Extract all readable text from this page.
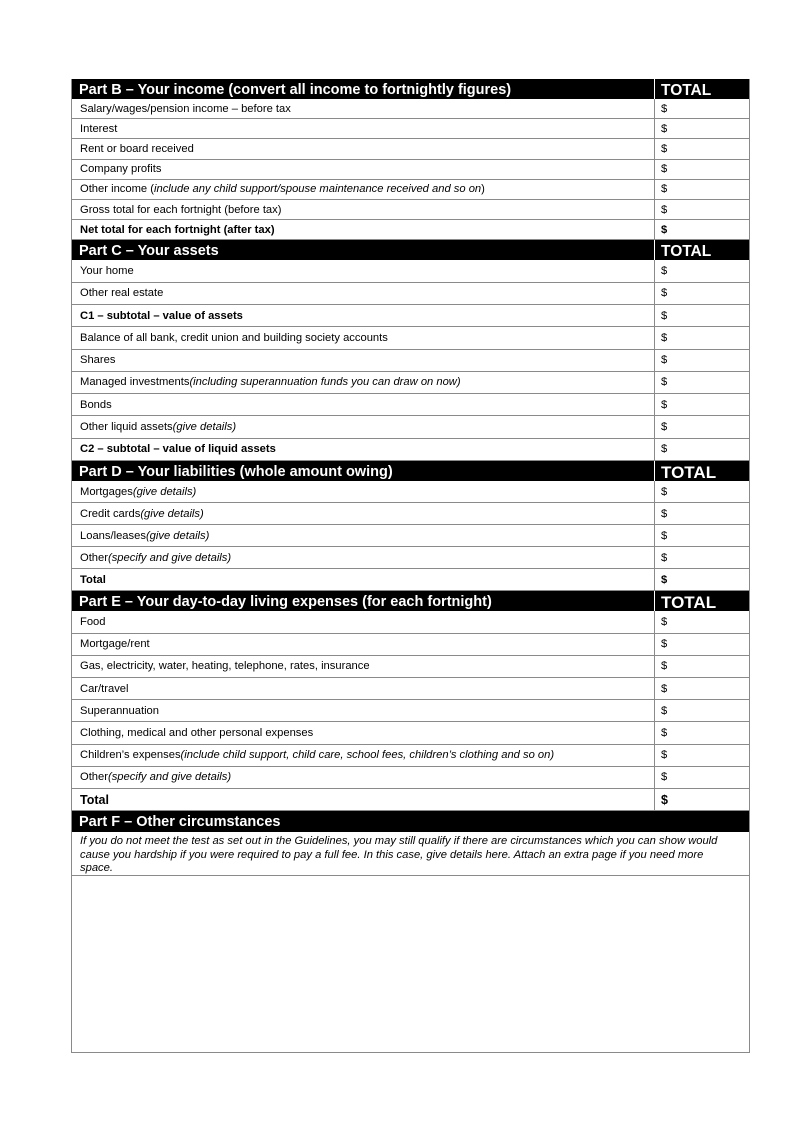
Part B – Your income (convert all income to fortnightly figures)	TOTAL
Salary/wages/pension income – before tax	$
Interest	$
Rent or board received	$
Company profits	$
Other income ( include any child support/spouse maintenance received and so on )	$
Gross total for each fortnight (before tax)	$
Net total for each fortnight (after tax)	$
Part C – Your assets	TOTAL
Your home	$
Other real estate	$
C1 – subtotal – value of assets	$
Balance of all bank, credit union and building society accounts	$
Shares	$
Managed investments (including superannuation funds you can draw on now)	$
Bonds	$
Other liquid assets (give details)	$
C2 – subtotal – value of liquid assets	$
Part D – Your liabilities (whole amount owing)	TOTAL
Mortgages (give details)	$
Credit cards (give details)	$
Loans/leases (give details)	$
Other (specify and give details)	$
Total	$
Part E – Your day-to-day living expenses (for each fortnight)	TOTAL
Food	$
Mortgage/rent	$
Gas, electricity, water, heating, telephone, rates, insurance	$
Car/travel	$
Superannuation	$
Clothing, medical and other personal expenses	$
Children’s expenses (include child support, child care, school fees, children’s clothing and so on)	$
Other (specify and give details)	$
Total	$
Part F – Other circumstances
If you do not meet the test as set out in the Guidelines, you may still qualify if there are circumstances which you can show would cause you hardship if you were required to pay a full fee. In this case, give details here. Attach an extra page if you need more space.
